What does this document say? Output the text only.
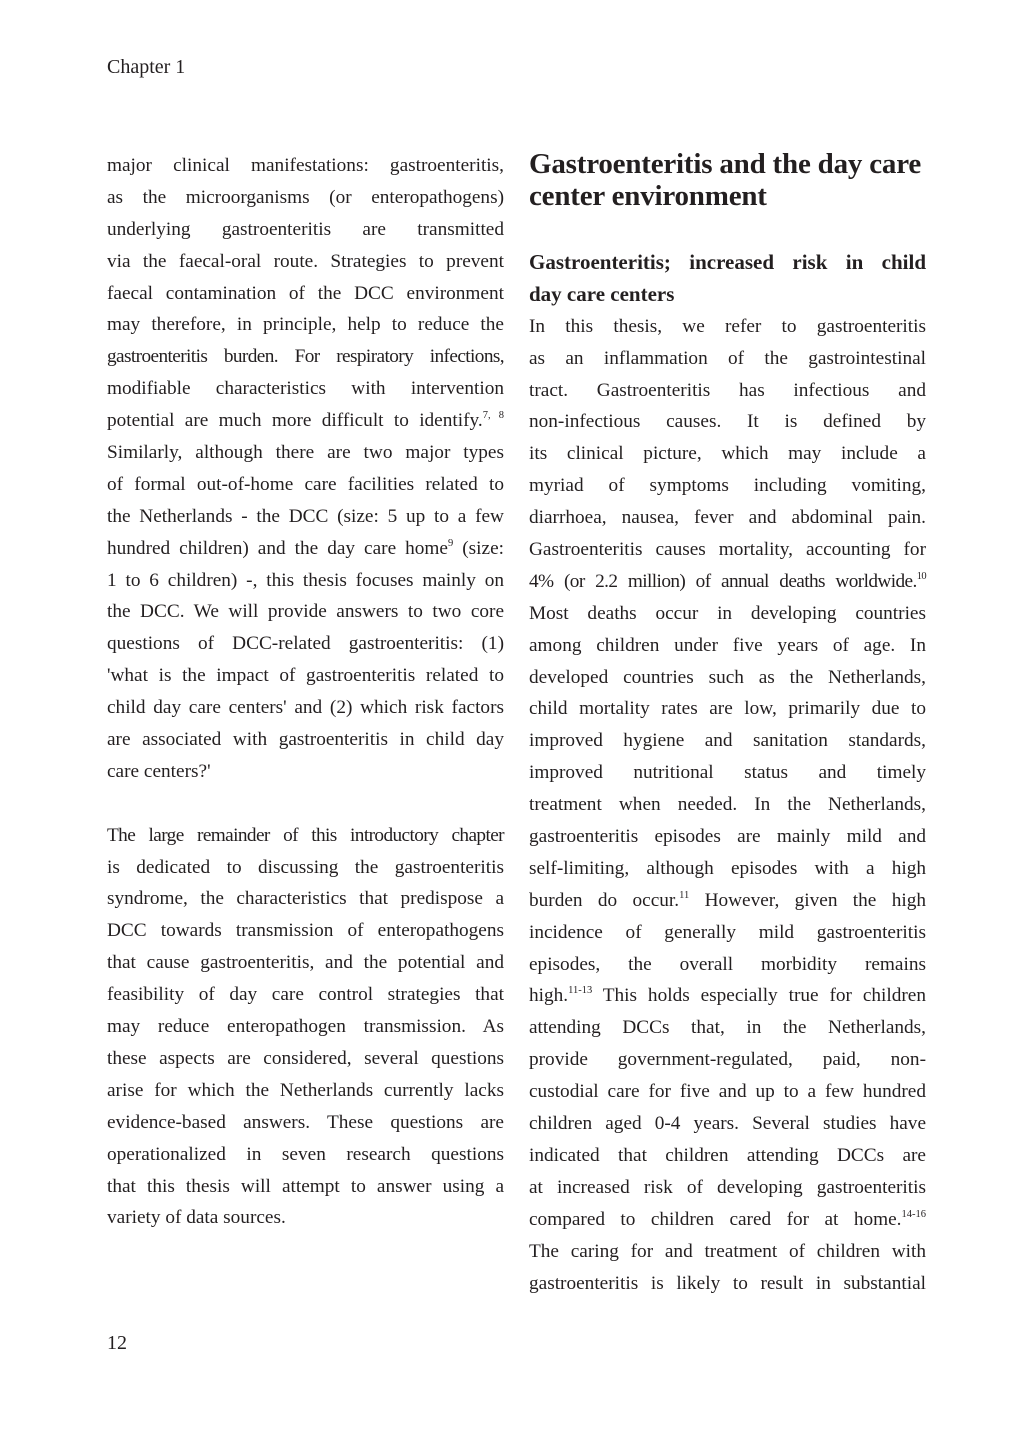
Chapter 1
major clinical manifestations: gastroenteritis,
as the microorganisms (or enteropathogens)
underlying gastroenteritis are transmitted
via the faecal-oral route. Strategies to prevent
faecal contamination of the DCC environment
may therefore, in principle, help to reduce the
gastroenteritis burden. For respiratory infections,
modifiable characteristics with intervention
potential are much more difficult to identify.$^{7, 8}$
Similarly, although there are two major types
of formal out-of-home care facilities related to
the Netherlands - the DCC (size: 5 up to a few
hundred children) and the day care home$^9$ (size:
1 to 6 children) -, this thesis focuses mainly on
the DCC. We will provide answers to two core
questions of DCC-related gastroenteritis: (1)
'what is the impact of gastroenteritis related to
child day care centers' and (2) which risk factors
are associated with gastroenteritis in child day
care centers?'
The large remainder of this introductory chapter
is dedicated to discussing the gastroenteritis
syndrome, the characteristics that predispose a
DCC towards transmission of enteropathogens
that cause gastroenteritis, and the potential and
feasibility of day care control strategies that
may reduce enteropathogen transmission. As
these aspects are considered, several questions
arise for which the Netherlands currently lacks
evidence-based answers. These questions are
operationalized in seven research questions
that this thesis will attempt to answer using a
variety of data sources.
Gastroenteritis and the day care
center environment
Gastroenteritis; increased risk in child
day care centers
In this thesis, we refer to gastroenteritis
as an inflammation of the gastrointestinal
tract. Gastroenteritis has infectious and
non-infectious causes. It is defined by
its clinical picture, which may include a
myriad of symptoms including vomiting,
diarrhoea, nausea, fever and abdominal pain.
Gastroenteritis causes mortality, accounting for
4% (or 2.2 million) of annual deaths worldwide.$^{10}$
Most deaths occur in developing countries
among children under five years of age. In
developed countries such as the Netherlands,
child mortality rates are low, primarily due to
improved hygiene and sanitation standards,
improved nutritional status and timely
treatment when needed. In the Netherlands,
gastroenteritis episodes are mainly mild and
self-limiting, although episodes with a high
burden do occur.$^{11}$ However, given the high
incidence of generally mild gastroenteritis
episodes, the overall morbidity remains
high.$^{11-13}$ This holds especially true for children
attending DCCs that, in the Netherlands,
provide government-regulated, paid, non-
custodial care for five and up to a few hundred
children aged 0-4 years. Several studies have
indicated that children attending DCCs are
at increased risk of developing gastroenteritis
compared to children cared for at home.$^{14-16}$
The caring for and treatment of children with
gastroenteritis is likely to result in substantial
12
